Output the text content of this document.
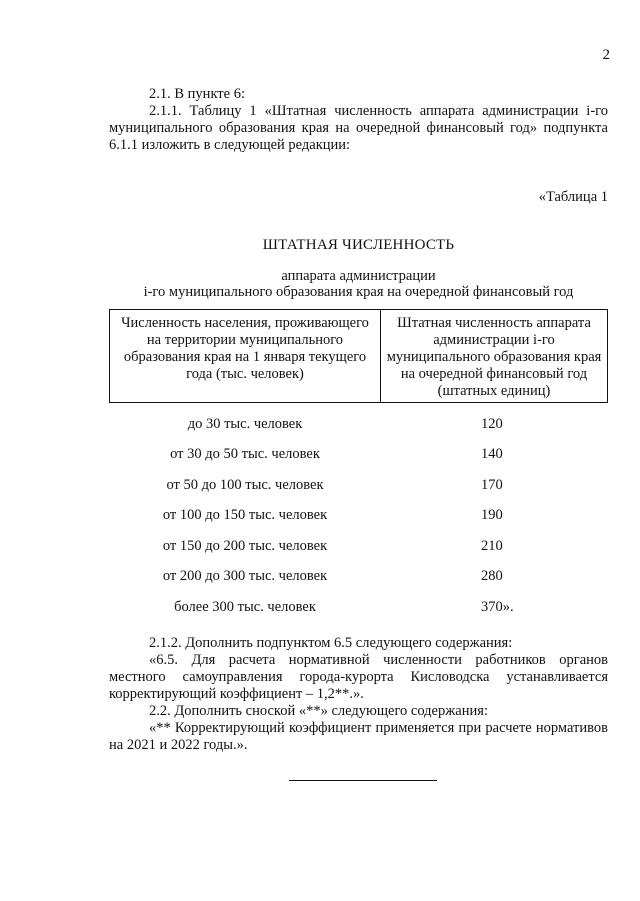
2

2.1. В пункте 6:

2.1.1. Таблицу 1 «Штатная численность аппарата администрации i-го муниципального образования края на очередной финансовый год» подпункта 6.1.1 изложить в следующей редакции:

«Таблица 1

ШТАТНАЯ ЧИСЛЕННОСТЬ

аппарата администрации
i-го муниципального образования края на очередной финансовый год
Численность населения, проживающего на территории муниципального образования края на 1 января текущего года (тыс. человек)	Штатная численность аппарата администрации i-го муниципального образования края на очередной финансовый год (штатных единиц)
до 30 тыс. человек	120
от 30 до 50 тыс. человек	140
от 50 до 100 тыс. человек	170
от 100 до 150 тыс. человек	190
от 150 до 200 тыс. человек	210
от 200 до 300 тыс. человек	280
более 300 тыс. человек	370».

2.1.2. Дополнить подпунктом 6.5 следующего содержания:

«6.5. Для расчета нормативной численности работников органов местного самоуправления города-курорта Кисловодска устанавливается корректирующий коэффициент – 1,2**.».

2.2. Дополнить сноской «**» следующего содержания:

«** Корректирующий коэффициент применяется при расчете нормативов на 2021 и 2022 годы.».
